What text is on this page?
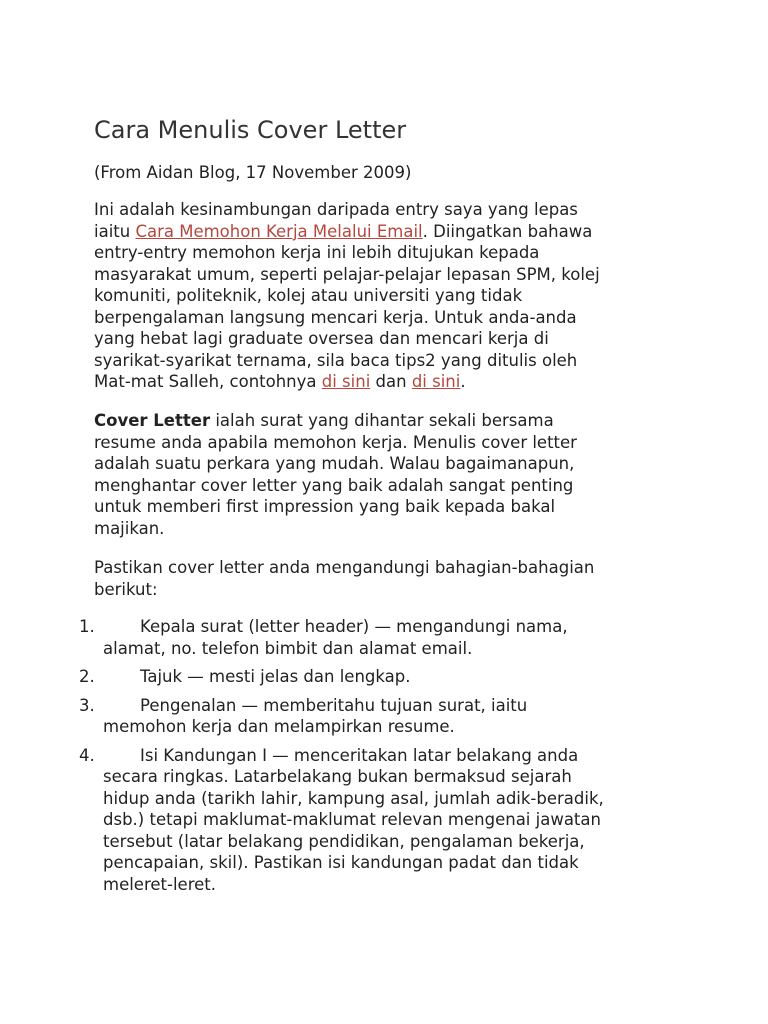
Cara Menulis Cover Letter

(From Aidan Blog, 17 November 2009)

Ini adalah kesinambungan daripada entry saya yang lepas
iaitu Cara Memohon Kerja Melalui Email. Diingatkan bahawa
entry-entry memohon kerja ini lebih ditujukan kepada
masyarakat umum, seperti pelajar-pelajar lepasan SPM, kolej
komuniti, politeknik, kolej atau universiti yang tidak
berpengalaman langsung mencari kerja. Untuk anda-anda
yang hebat lagi graduate oversea dan mencari kerja di
syarikat-syarikat ternama, sila baca tips2 yang ditulis oleh
Mat-mat Salleh, contohnya di sini dan di sini.

Cover Letter ialah surat yang dihantar sekali bersama
resume anda apabila memohon kerja. Menulis cover letter
adalah suatu perkara yang mudah. Walau bagaimanapun,
menghantar cover letter yang baik adalah sangat penting
untuk memberi first impression yang baik kepada bakal
majikan.

Pastikan cover letter anda mengandungi bahagian-bahagian
berikut:

1.	Kepala surat (letter header) — mengandungi nama,
alamat, no. telefon bimbit dan alamat email.
2.	Tajuk — mesti jelas dan lengkap.
3.	Pengenalan — memberitahu tujuan surat, iaitu
memohon kerja dan melampirkan resume.
4.	Isi Kandungan I — menceritakan latar belakang anda
secara ringkas. Latarbelakang bukan bermaksud sejarah
hidup anda (tarikh lahir, kampung asal, jumlah adik-beradik,
dsb.) tetapi maklumat-maklumat relevan mengenai jawatan
tersebut (latar belakang pendidikan, pengalaman bekerja,
pencapaian, skil). Pastikan isi kandungan padat dan tidak
meleret-leret.
